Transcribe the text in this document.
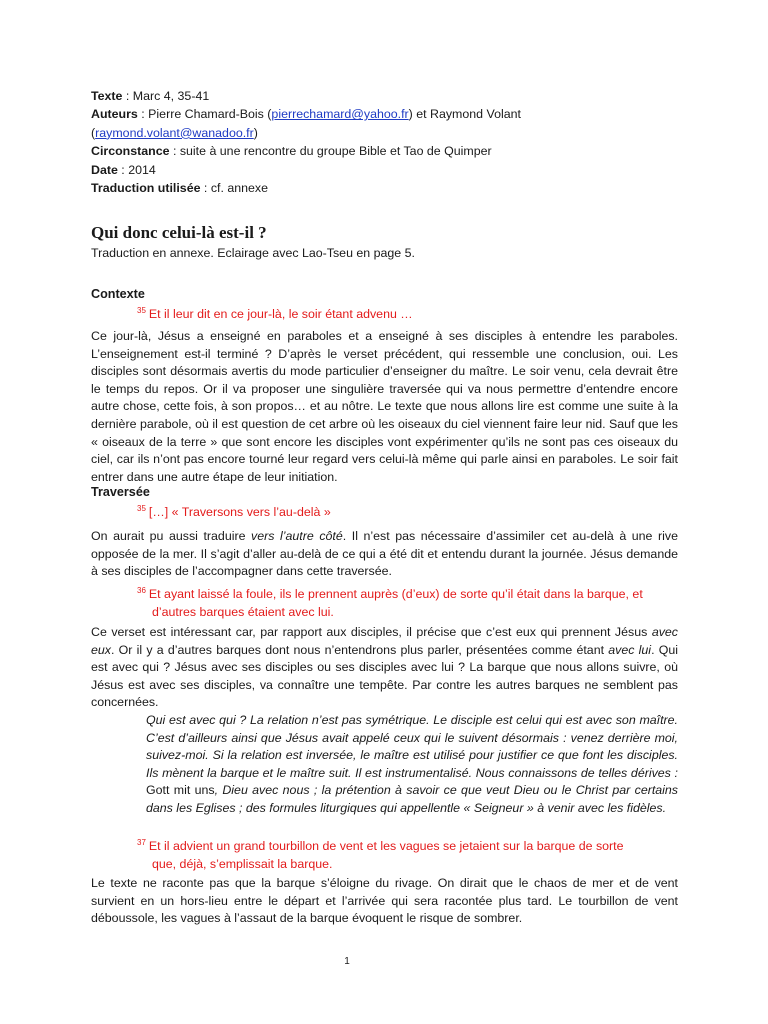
Texte : Marc 4, 35-41
Auteurs : Pierre Chamard-Bois (pierrechamard@yahoo.fr) et Raymond Volant
(raymond.volant@wanadoo.fr)
Circonstance : suite à une rencontre du groupe Bible et Tao de Quimper
Date : 2014
Traduction utilisée : cf. annexe
Qui donc celui-là est-il ?
Traduction en annexe. Eclairage avec Lao-Tseu en page 5.
Contexte
$^{35}$ Et il leur dit en ce jour-là, le soir étant advenu …

Ce jour-là, Jésus a enseigné en paraboles et a enseigné à ses disciples à entendre les paraboles. L’enseignement est-il terminé ? D’après le verset précédent, qui ressemble une conclusion, oui. Les disciples sont désormais avertis du mode particulier d’enseigner du maître. Le soir venu, cela devrait être le temps du repos. Or il va proposer une singulière traversée qui va nous permettre d’entendre encore autre chose, cette fois, à son propos… et au nôtre. Le texte que nous allons lire est comme une suite à la dernière parabole, où il est question de cet arbre où les oiseaux du ciel viennent faire leur nid. Sauf que les « oiseaux de la terre » que sont encore les disciples vont expérimenter qu’ils ne sont pas ces oiseaux du ciel, car ils n’ont pas encore tourné leur regard vers celui-là même qui parle ainsi en paraboles. Le soir fait entrer dans une autre étape de leur initiation.

Traversée
$^{35}$ […] « Traversons vers l’au-delà »

On aurait pu aussi traduire vers l’autre côté. Il n’est pas nécessaire d’assimiler cet au-delà à une rive opposée de la mer. Il s’agit d’aller au-delà de ce qui a été dit et entendu durant la journée. Jésus demande à ses disciples de l’accompagner dans cette traversée.

$^{36}$ Et ayant laissé la foule, ils le prennent auprès (d’eux) de sorte qu’il était dans la barque, et
d’autres barques étaient avec lui.

Ce verset est intéressant car, par rapport aux disciples, il précise que c’est eux qui prennent Jésus avec eux. Or il y a d’autres barques dont nous n’entendrons plus parler, présentées comme étant avec lui. Qui est avec qui ? Jésus avec ses disciples ou ses disciples avec lui ? La barque que nous allons suivre, où Jésus est avec ses disciples, va connaître une tempête. Par contre les autres barques ne semblent pas concernées.

Qui est avec qui ? La relation n’est pas symétrique. Le disciple est celui qui est avec son maître. C’est d’ailleurs ainsi que Jésus avait appelé ceux qui le suivent désormais : venez derrière moi, suivez-moi. Si la relation est inversée, le maître est utilisé pour justifier ce que font les disciples. Ils mènent la barque et le maître suit. Il est instrumentalisé. Nous connaissons de telles dérives : Gott mit uns, Dieu avec nous ; la prétention à savoir ce que veut Dieu ou le Christ par certains dans les Eglises ; des formules liturgiques qui appellentle « Seigneur » à venir avec les fidèles.

$^{37}$ Et il advient un grand tourbillon de vent et les vagues se jetaient sur la barque de sorte
que, déjà, s’emplissait la barque.

Le texte ne raconte pas que la barque s’éloigne du rivage. On dirait que le chaos de mer et de vent survient en un hors-lieu entre le départ et l’arrivée qui sera racontée plus tard. Le tourbillon de vent déboussole, les vagues à l’assaut de la barque évoquent le risque de sombrer.

1
